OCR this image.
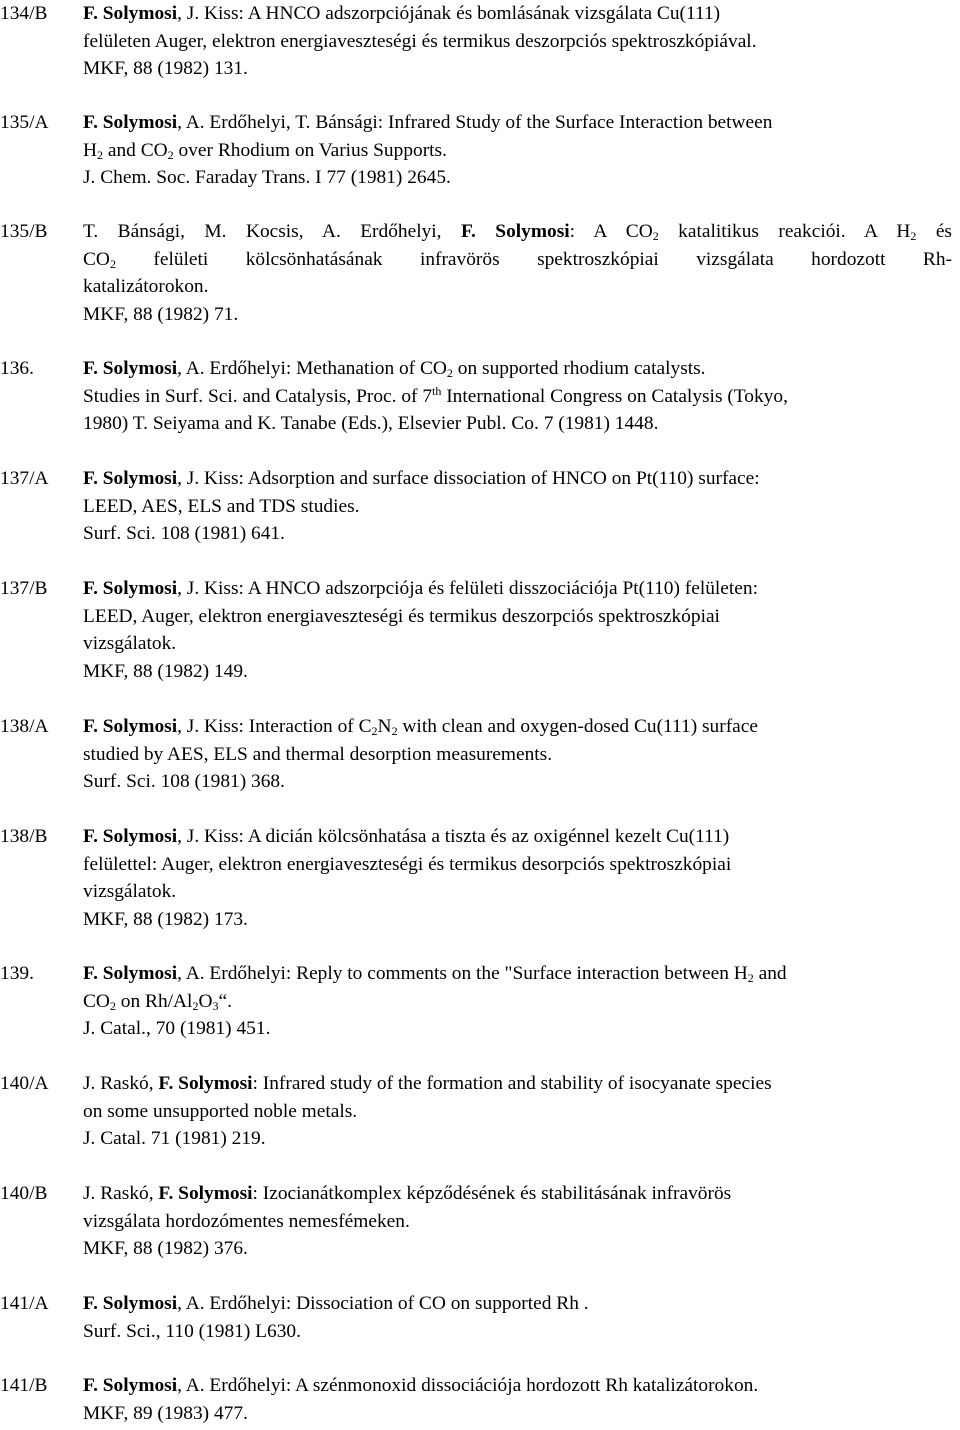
134/B F. Solymosi, J. Kiss: A HNCO adszorpciójának és bomlásának vizsgálata Cu(111)
felületen Auger, elektron energiaveszteségi és termikus deszorpciós spektroszkópiával.
MKF, 88 (1982) 131.
135/A F. Solymosi, A. Erdőhelyi, T. Bánsági: Infrared Study of the Surface Interaction between
$H_2$ and $CO_2$ over Rhodium on Varius Supports.
J. Chem. Soc. Faraday Trans. I 77 (1981) 2645.
135/B T. Bánsági, M. Kocsis, A. Erdőhelyi, F. Solymosi: A $CO_2$ katalitikus reakciói. A $H_2$ és
$CO_2$ felületi kölcsönhatásának infravörös spektroszkópiai vizsgálata hordozott Rh-
katalizátorokon.
MKF, 88 (1982) 71.
136.	F. Solymosi, A. Erdőhelyi: Methanation of $CO_2$ on supported rhodium catalysts.
Studies in Surf. Sci. and Catalysis, Proc. of 7th International Congress on Catalysis (Tokyo,
1980) T. Seiyama and K. Tanabe (Eds.), Elsevier Publ. Co. 7 (1981) 1448.
137/A F. Solymosi, J. Kiss: Adsorption and surface dissociation of HNCO on Pt(110) surface:
LEED, AES, ELS and TDS studies.
Surf. Sci. 108 (1981) 641.
137/B F. Solymosi, J. Kiss: A HNCO adszorpciója és felületi disszociációja Pt(110) felületen:
LEED, Auger, elektron energiaveszteségi és termikus deszorpciós spektroszkópiai
vizsgálatok.
MKF, 88 (1982) 149.
138/A F. Solymosi, J. Kiss: Interaction of $C_2N_2$ with clean and oxygen-dosed Cu(111) surface
studied by AES, ELS and thermal desorption measurements.
Surf. Sci. 108 (1981) 368.
138/B F. Solymosi, J. Kiss: A dicián kölcsönhatása a tiszta és az oxigénnel kezelt Cu(111)
felülettel: Auger, elektron energiaveszteségi és termikus desorpciós spektroszkópiai
vizsgálatok.
MKF, 88 (1982) 173.
139.	F. Solymosi, A. Erdőhelyi: Reply to comments on the "Surface interaction between $H_2$ and
$CO_2$ on $Rh/Al_2O_3“$.
J. Catal., 70 (1981) 451.
140/A J. Raskó, F. Solymosi: Infrared study of the formation and stability of isocyanate species
on some unsupported noble metals.
J. Catal. 71 (1981) 219.
140/B J. Raskó, F. Solymosi: Izocianátkomplex képződésének és stabilitásának infravörös
vizsgálata hordozómentes nemesfémeken.
MKF, 88 (1982) 376.
141/A F. Solymosi, A. Erdőhelyi: Dissociation of CO on supported Rh .
Surf. Sci., 110 (1981) L630.
141/B F. Solymosi, A. Erdőhelyi: A szénmonoxid dissociációja hordozott Rh katalizátorokon.
MKF, 89 (1983) 477.
